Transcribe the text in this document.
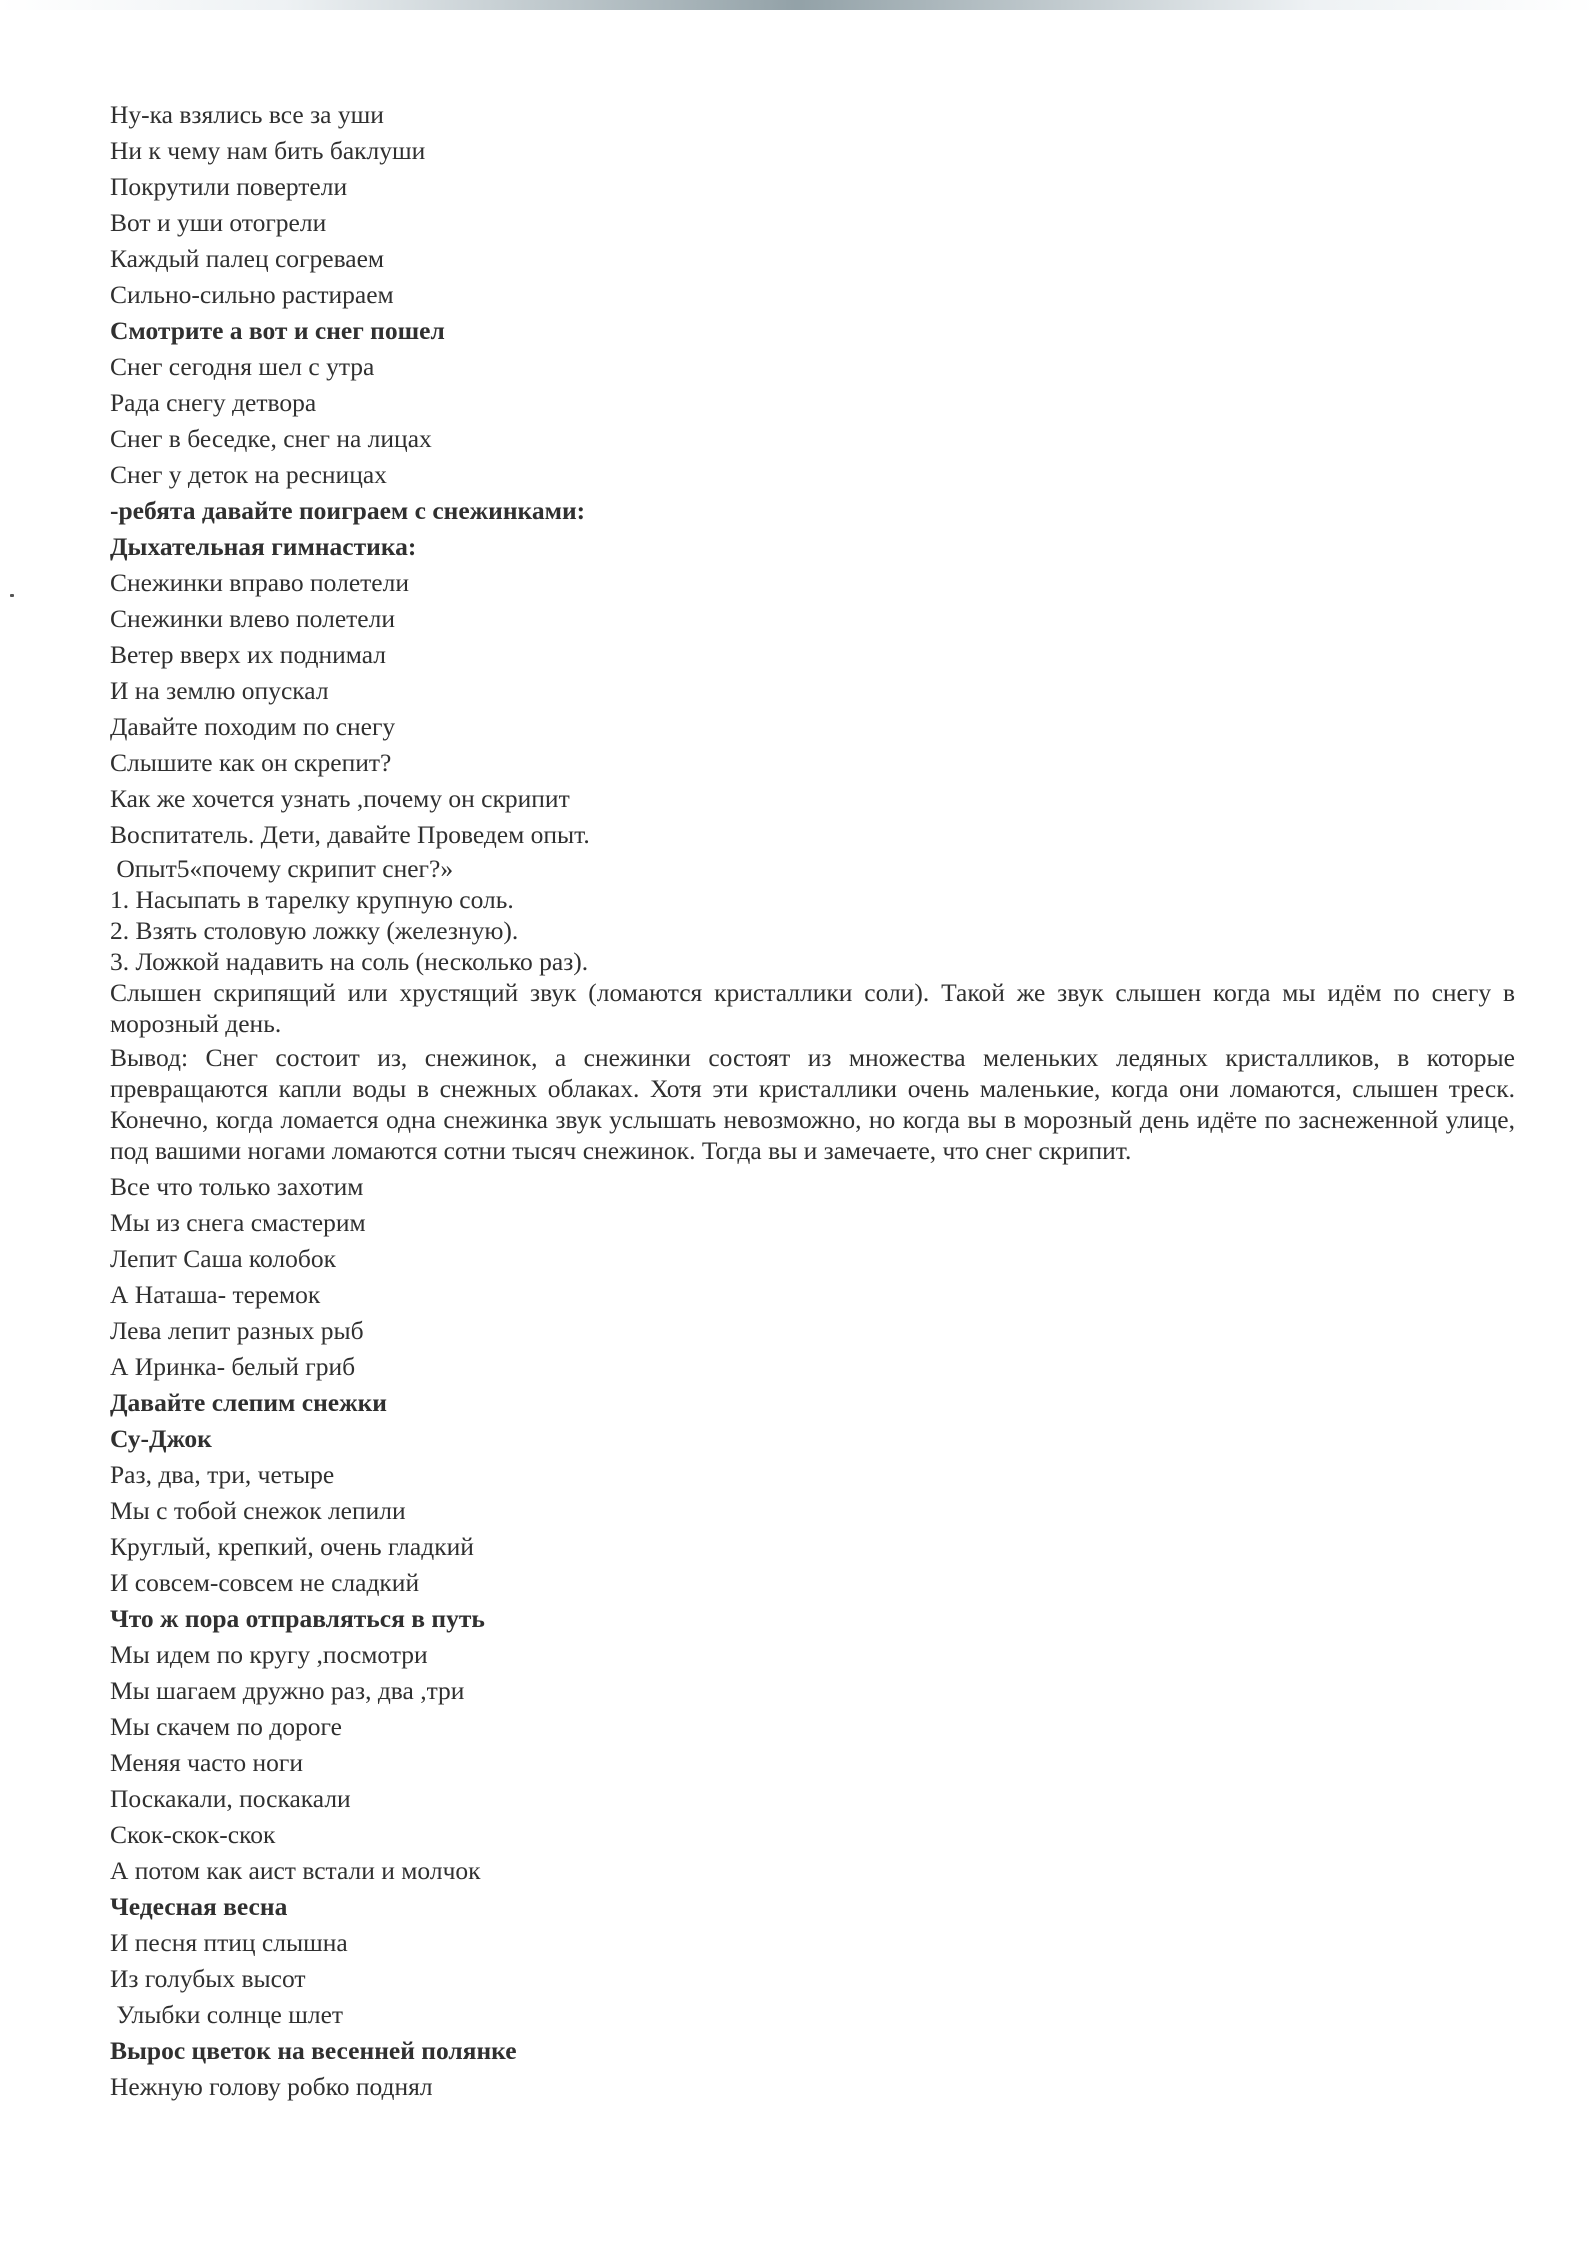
Ну-ка взялись все за уши
Ни к чему нам бить баклуши
Покрутили повертели
Вот и уши отогрели
Каждый палец согреваем
Сильно-сильно растираем
Смотрите а вот и снег пошел
Снег сегодня шел с утра
Рада снегу детвора
Снег в беседке, снег на лицах
Снег у деток на ресницах
-ребята давайте поиграем с снежинками:
Дыхательная гимнастика:
Снежинки вправо полетели
Снежинки влево полетели
Ветер вверх их поднимал
И на землю опускал
Давайте походим по снегу
Слышите как он скрепит?
Как же хочется узнать ,почему он скрипит
Воспитатель. Дети, давайте Проведем опыт.
Опыт5«почему скрипит снег?»
1. Насыпать в тарелку крупную соль.
2. Взять столовую ложку (железную).
3. Ложкой надавить на соль (несколько раз).
Слышен скрипящий или хрустящий звук (ломаются кристаллики соли). Такой же звук слышен когда мы идём по снегу в морозный день.
Вывод: Снег состоит из, снежинок, а снежинки состоят из множества меленьких ледяных кристалликов, в которые превращаются капли воды в снежных облаках. Хотя эти кристаллики очень маленькие, когда они ломаются, слышен треск. Конечно, когда ломается одна снежинка звук услышать невозможно, но когда вы в морозный день идёте по заснеженной улице, под вашими ногами ломаются сотни тысяч снежинок. Тогда вы и замечаете, что снег скрипит.
Все что только захотим
Мы из снега смастерим
Лепит Саша колобок
А Наташа- теремок
Лева лепит разных рыб
А Иринка- белый гриб
Давайте слепим снежки
Су-Джок
Раз, два, три, четыре
Мы с тобой снежок лепили
Круглый, крепкий, очень гладкий
И совсем-совсем не сладкий
Что ж пора отправляться в путь
Мы идем по кругу ,посмотри
Мы шагаем дружно раз, два ,три
Мы скачем по дороге
Меняя часто ноги
Поскакали, поскакали
Скок-скок-скок
А потом как аист встали и молчок
Чедесная весна
И песня птиц слышна
Из голубых высот
Улыбки солнце шлет
Вырос цветок на весенней полянке
Нежную голову робко поднял
